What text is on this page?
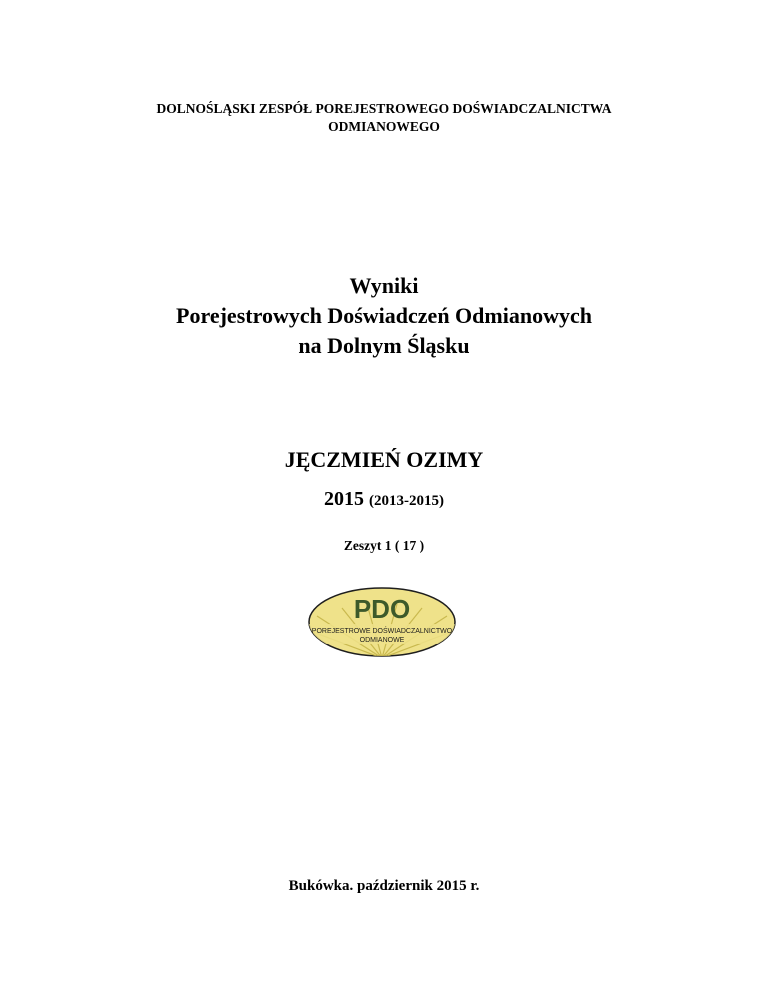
DOLNOŚLĄSKI ZESPÓŁ POREJESTROWEGO DOŚWIADCZALNICTWA
ODMIANOWEGO
Wyniki
Porejestrowych Doświadczeń Odmianowych
na Dolnym Śląsku
JĘCZMIEŃ OZIMY
2015 (2013-2015)
Zeszyt 1 ( 17 )
PDO
POREJESTROWE DOŚWIADCZALNICTWO
ODMIANOWE
Bukówka. październik 2015 r.
